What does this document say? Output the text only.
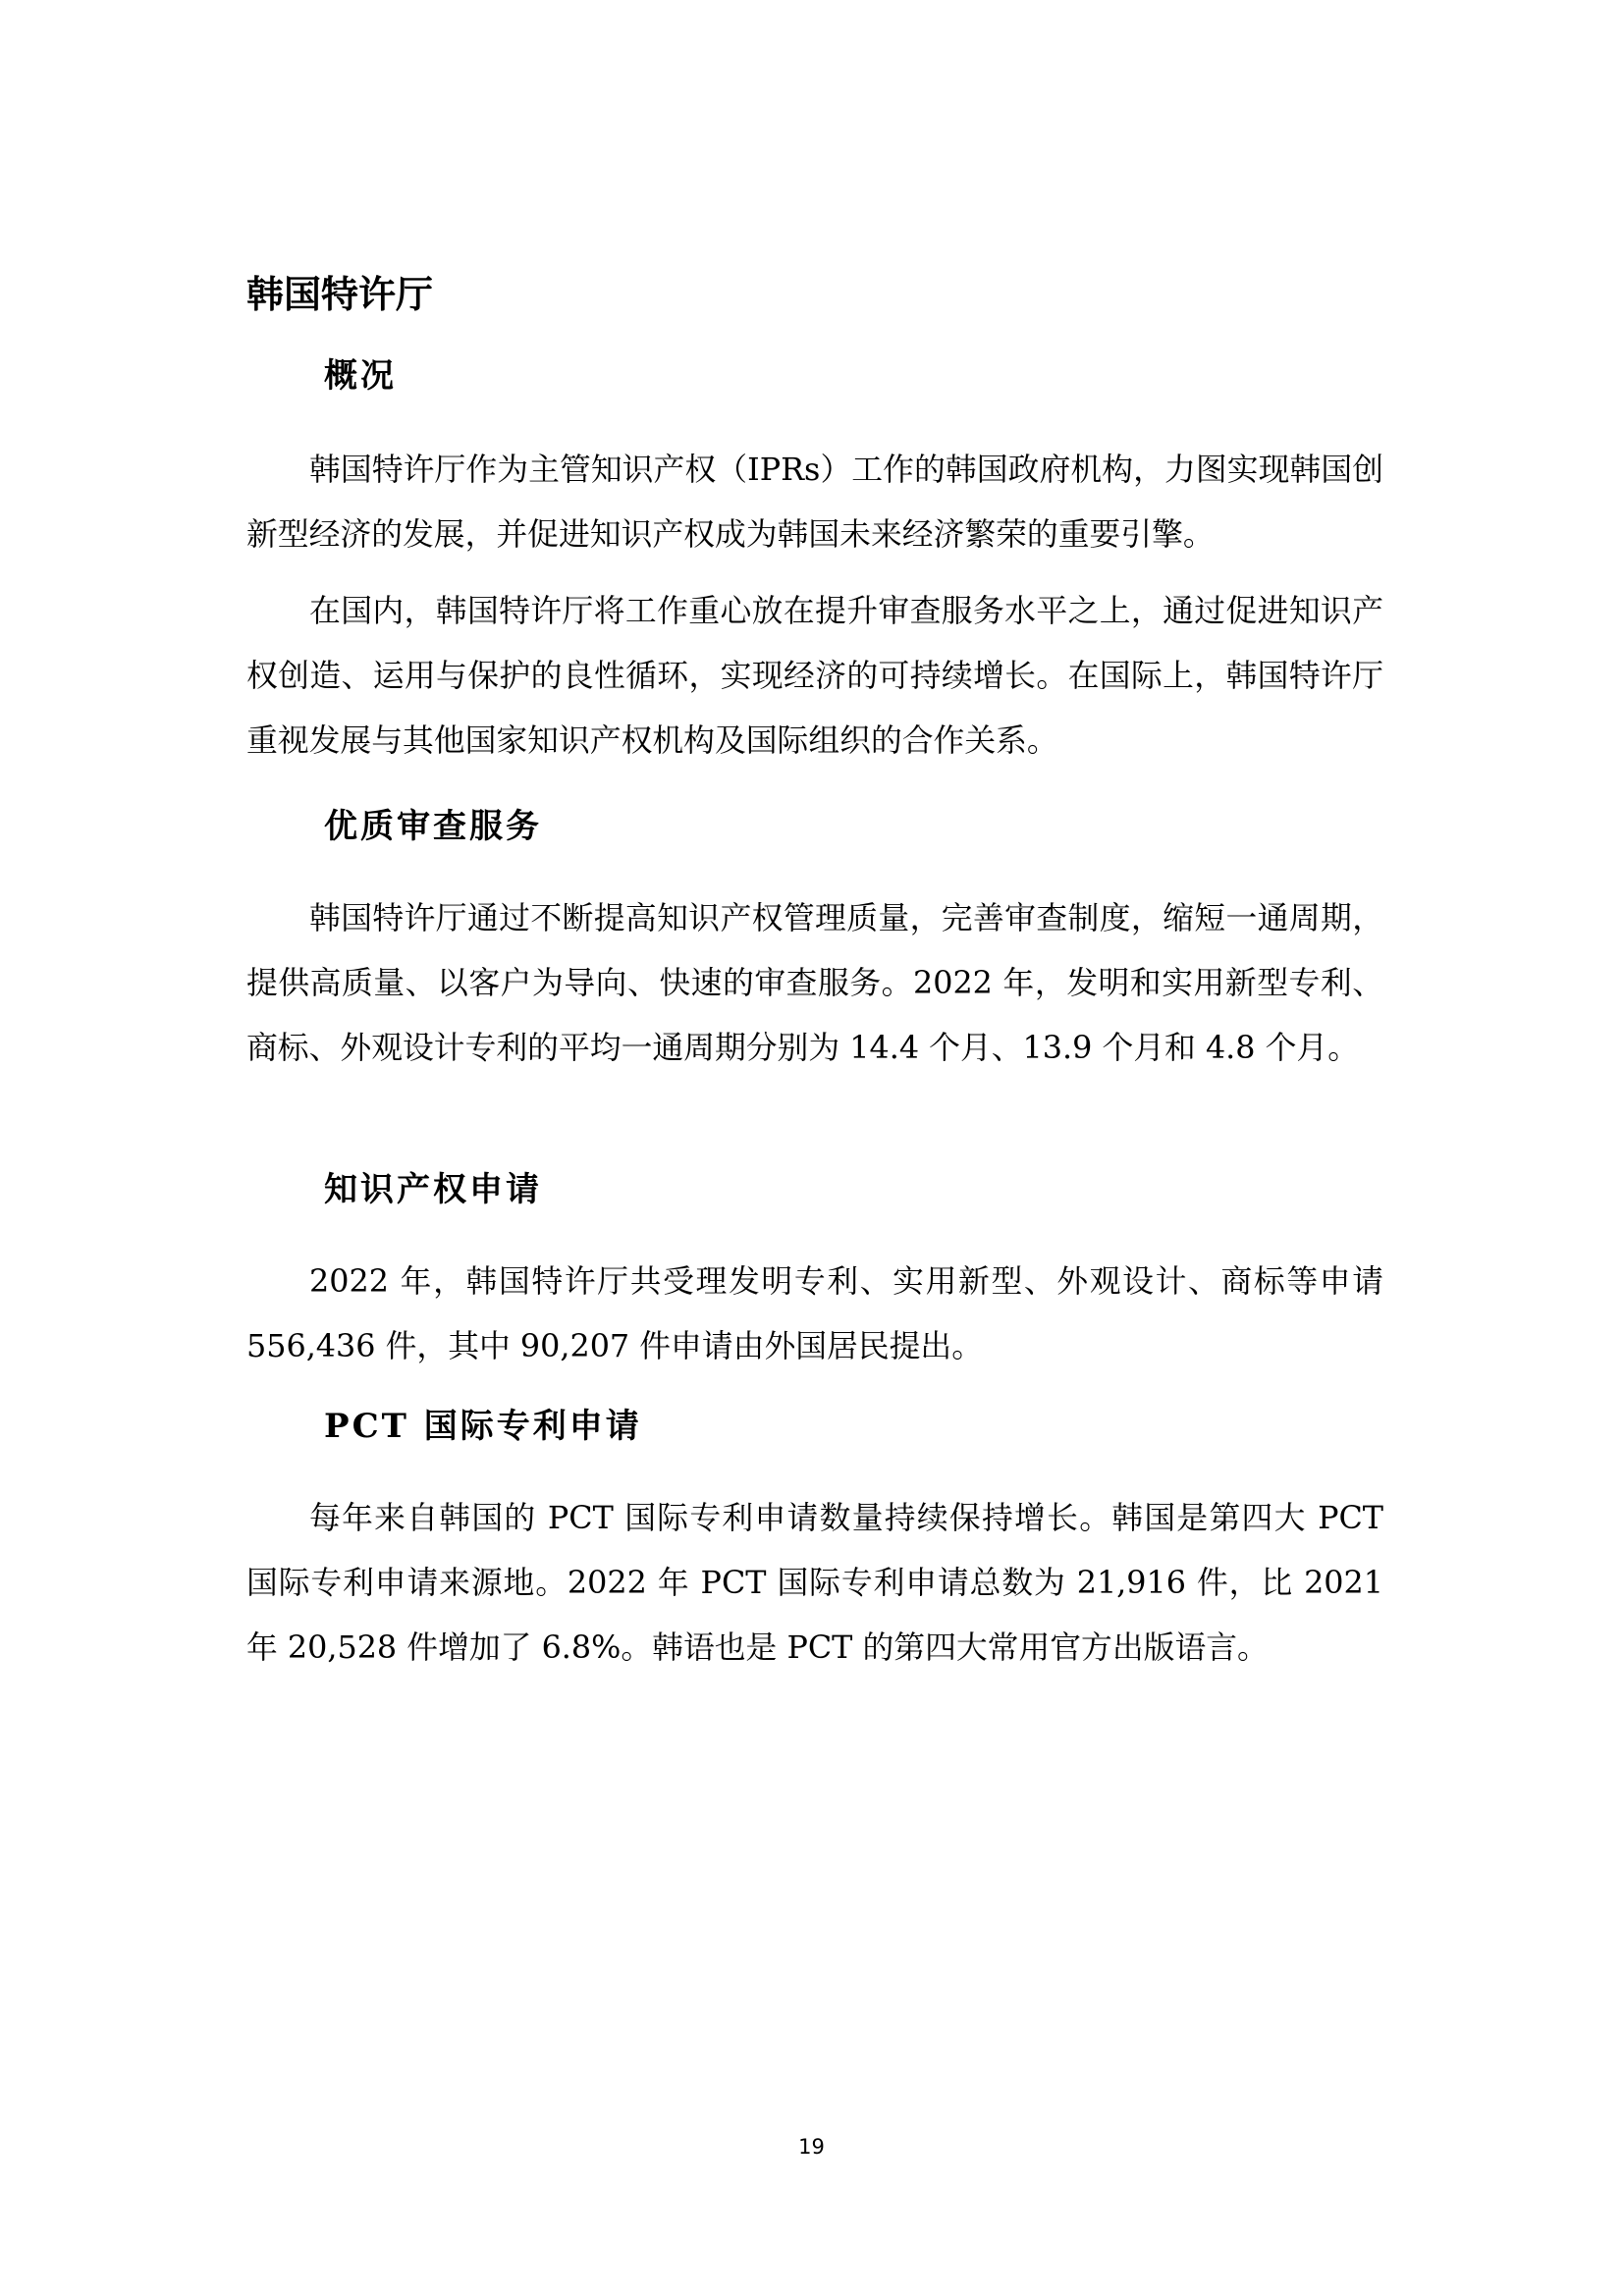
韩国特许厅
概况

韩国特许厅作为主管知识产权（IPRs）工作的韩国政府机构，力图实现韩国创新型经济的发展，并促进知识产权成为韩国未来经济繁荣的重要引擎。

在国内，韩国特许厅将工作重心放在提升审查服务水平之上，通过促进知识产权创造、运用与保护的良性循环，实现经济的可持续增长。在国际上，韩国特许厅重视发展与其他国家知识产权机构及国际组织的合作关系。

优质审查服务

韩国特许厅通过不断提高知识产权管理质量，完善审查制度，缩短一通周期，提供高质量、以客户为导向、快速的审查服务。2022 年，发明和实用新型专利、商标、外观设计专利的平均一通周期分别为 14.4 个月、13.9 个月和 4.8 个月。

知识产权申请

2022 年，韩国特许厅共受理发明专利、实用新型、外观设计、商标等申请 556,436 件，其中 90,207 件申请由外国居民提出。

PCT 国际专利申请

每年来自韩国的 PCT 国际专利申请数量持续保持增长。韩国是第四大 PCT 国际专利申请来源地。2022 年 PCT 国际专利申请总数为 21,916 件，比 2021 年 20,528 件增加了 6.8%。韩语也是 PCT 的第四大常用官方出版语言。

19
